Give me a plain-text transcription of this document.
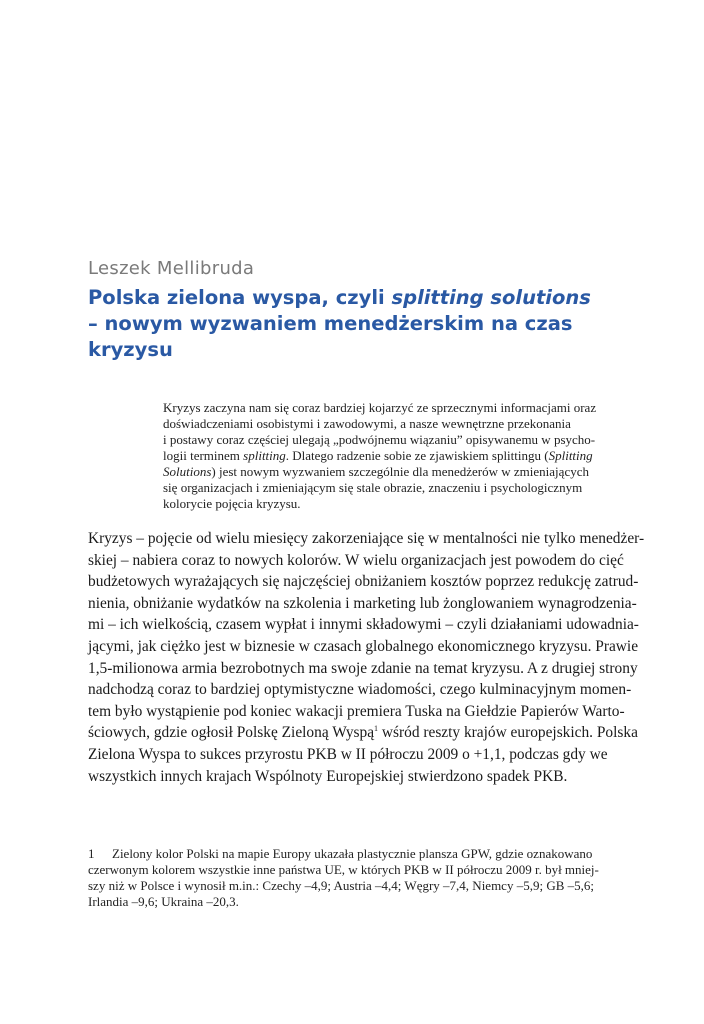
Leszek Mellibruda
Polska zielona wyspa, czyli splitting solutions
– nowym wyzwaniem menedżerskim na czas
kryzysu
Kryzys zaczyna nam się coraz bardziej kojarzyć ze sprzecznymi informacjami oraz
doświadczeniami osobistymi i zawodowymi, a nasze wewnętrzne przekonania
i postawy coraz częściej ulegają „podwójnemu wiązaniu” opisywanemu w psycho-
logii terminem splitting. Dlatego radzenie sobie ze zjawiskiem splittingu (Splitting
Solutions) jest nowym wyzwaniem szczególnie dla menedżerów w zmieniających
się organizacjach i zmieniającym się stale obrazie, znaczeniu i psychologicznym
kolorycie pojęcia kryzysu.
Kryzys – pojęcie od wielu miesięcy zakorzeniające się w mentalności nie tylko menedżer-
skiej – nabiera coraz to nowych kolorów. W wielu organizacjach jest powodem do cięć
budżetowych wyrażających się najczęściej obniżaniem kosztów poprzez redukcję zatrud-
nienia, obniżanie wydatków na szkolenia i marketing lub żonglowaniem wynagrodzenia-
mi – ich wielkością, czasem wypłat i innymi składowymi – czyli działaniami udowadnia-
jącymi, jak ciężko jest w biznesie w czasach globalnego ekonomicznego kryzysu. Prawie
1,5-milionowa armia bezrobotnych ma swoje zdanie na temat kryzysu. A z drugiej strony
nadchodzą coraz to bardziej optymistyczne wiadomości, czego kulminacyjnym momen-
tem było wystąpienie pod koniec wakacji premiera Tuska na Giełdzie Papierów Warto-
ściowych, gdzie ogłosił Polskę Zieloną Wyspą$^1$ wśród reszty krajów europejskich. Polska
Zielona Wyspa to sukces przyrostu PKB w II półroczu 2009 o +1,1, podczas gdy we
wszystkich innych krajach Wspólnoty Europejskiej stwierdzono spadek PKB.
1 Zielony kolor Polski na mapie Europy ukazała plastycznie plansza GPW, gdzie oznakowano
czerwonym kolorem wszystkie inne państwa UE, w których PKB w II półroczu 2009 r. był mniej-
szy niż w Polsce i wynosił m.in.: Czechy –4,9; Austria –4,4; Węgry –7,4, Niemcy –5,9; GB –5,6;
Irlandia –9,6; Ukraina –20,3.
